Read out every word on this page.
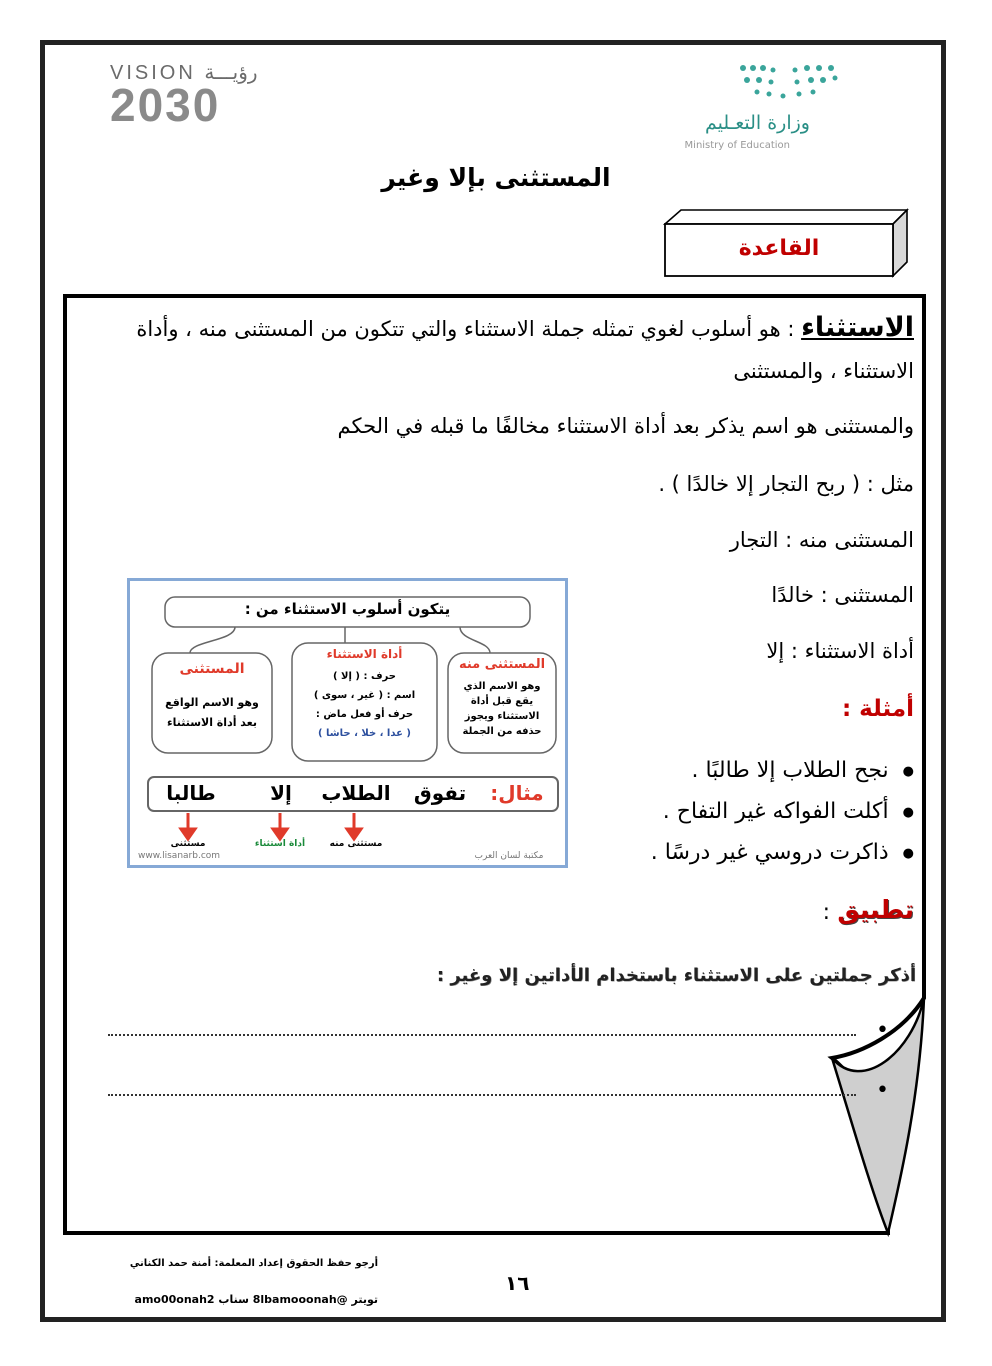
VISION رؤيـــة
2030	وزارة التعـليم
Ministry of Education
المستثنى بإلا وغير
القاعدة
الاستثناء : هو أسلوب لغوي تمثله جملة الاستثناء والتي تتكون من المستثنى منه ، وأداة
الاستثناء ، والمستثنى
والمستثنى هو اسم يذكر بعد أداة الاستثناء مخالفًا ما قبله في الحكم
مثل : ( ربح التجار إلا خالدًا ) .
المستثنى منه : التجار
المستثنى : خالدًا
أداة الاستثناء : إلا
أمثلة :
● نجح الطلاب إلا طالبًا .
● أكلت الفواكه غير التفاح .
● ذاكرت دروسي غير درسًا .
يتكون أسلوب الاستثناء من :
المستثنى منه
وهو الاسم الذي
يقع قبل أداة
الاستثناء ويجوز
حذفه من الجملة
أداة الاستثناء
حرف : ( إلا )
اسم : ( غير ، سوى )
حرف أو فعل ماض :
( عدا ، خلا ، حاشا )
المستثنى
وهو الاسم الواقع
بعد أداة الاستثناء
مثال:
تفوق
الطلاب
إلا
طالبا
مستثنى منه
أداة استثناء
مستثنى
www.lisanarb.com	مكتبة لسان العرب
تطبيق
:
أذكر جملتين على الاستثناء باستخدام الأداتين إلا وغير :
•
•
أرجو حفظ الحقوق إعداد المعلمة: أمنة حمد الكناني
تويتر @8lbamooonah سناب amo00onah2
١٦
